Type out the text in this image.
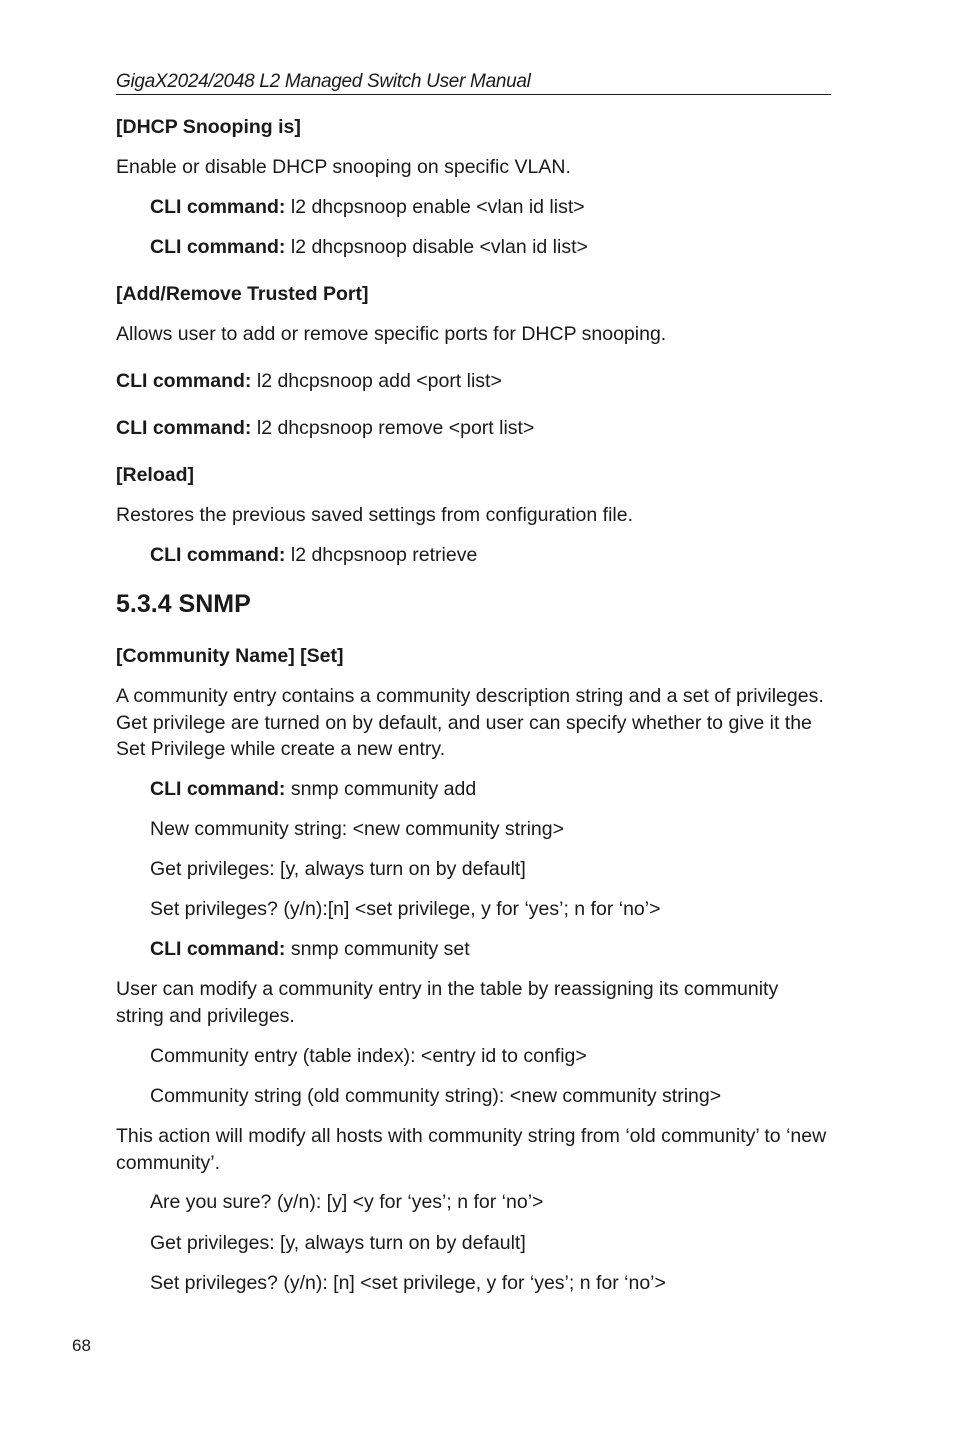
GigaX2024/2048 L2 Managed Switch User Manual
[DHCP Snooping is]
Enable or disable DHCP snooping on specific VLAN.
CLI command: l2 dhcpsnoop enable <vlan id list>
CLI command: l2 dhcpsnoop disable <vlan id list>
[Add/Remove Trusted Port]
Allows user to add or remove specific ports for DHCP snooping.
CLI command: l2 dhcpsnoop add <port list>
CLI command: l2 dhcpsnoop remove <port list>
[Reload]
Restores the previous saved settings from configuration file.
CLI command: l2 dhcpsnoop retrieve
5.3.4 SNMP
[Community Name] [Set]
A community entry contains a community description string and a set of privileges. Get privilege are turned on by default, and user can specify whether to give it the Set Privilege while create a new entry.
CLI command: snmp community add
New community string: <new community string>
Get privileges: [y, always turn on by default]
Set privileges? (y/n):[n] <set privilege, y for ‘yes’; n for ‘no’>
CLI command: snmp community set
User can modify a community entry in the table by reassigning its community string and privileges.
Community entry (table index): <entry id to config>
Community string (old community string): <new community string>
This action will modify all hosts with community string from ‘old community’ to ‘new community’.
Are you sure? (y/n): [y] <y for ‘yes’; n for ‘no’>
Get privileges: [y, always turn on by default]
Set privileges? (y/n): [n] <set privilege, y for ‘yes’; n for ‘no’>
68
